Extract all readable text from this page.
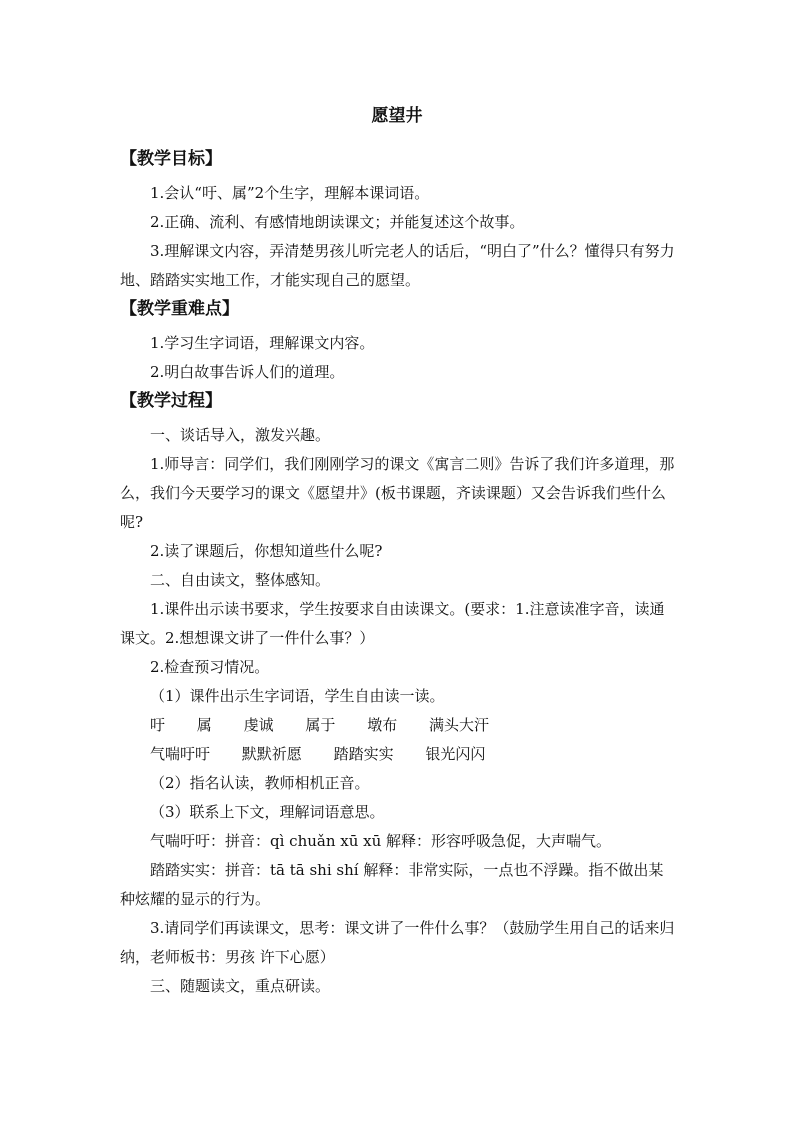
愿望井

【教学目标】

1.会认“吁、属”2个生字，理解本课词语。

2.正确、流利、有感情地朗读课文；并能复述这个故事。

3.理解课文内容，弄清楚男孩儿听完老人的话后，“明白了”什么？懂得只有努力地、踏踏实实地工作，才能实现自己的愿望。

【教学重难点】

1.学习生字词语，理解课文内容。

2.明白故事告诉人们的道理。

【教学过程】

一、谈话导入，激发兴趣。

1.师导言：同学们，我们刚刚学习的课文《寓言二则》告诉了我们许多道理，那么，我们今天要学习的课文《愿望井》(板书课题，齐读课题）又会告诉我们些什么呢?

2.读了课题后，你想知道些什么呢?

二、自由读文，整体感知。

1.课件出示读书要求，学生按要求自由读课文。(要求：1.注意读准字音，读通课文。2.想想课文讲了一件什么事？）

2.检查预习情况。

（1）课件出示生字词语，学生自由读一读。

吁 属 虔诚 属于 墩布 满头大汗

气喘吁吁 默默祈愿 踏踏实实 银光闪闪

（2）指名认读，教师相机正音。

（3）联系上下文，理解词语意思。

气喘吁吁：拼音：qì chuǎn xū xū 解释：形容呼吸急促，大声喘气。

踏踏实实：拼音：tā tā shi shí 解释：非常实际，一点也不浮躁。指不做出某种炫耀的显示的行为。

3.请同学们再读课文，思考：课文讲了一件什么事？（鼓励学生用自己的话来归纳，老师板书：男孩 许下心愿）

三、随题读文，重点研读。
